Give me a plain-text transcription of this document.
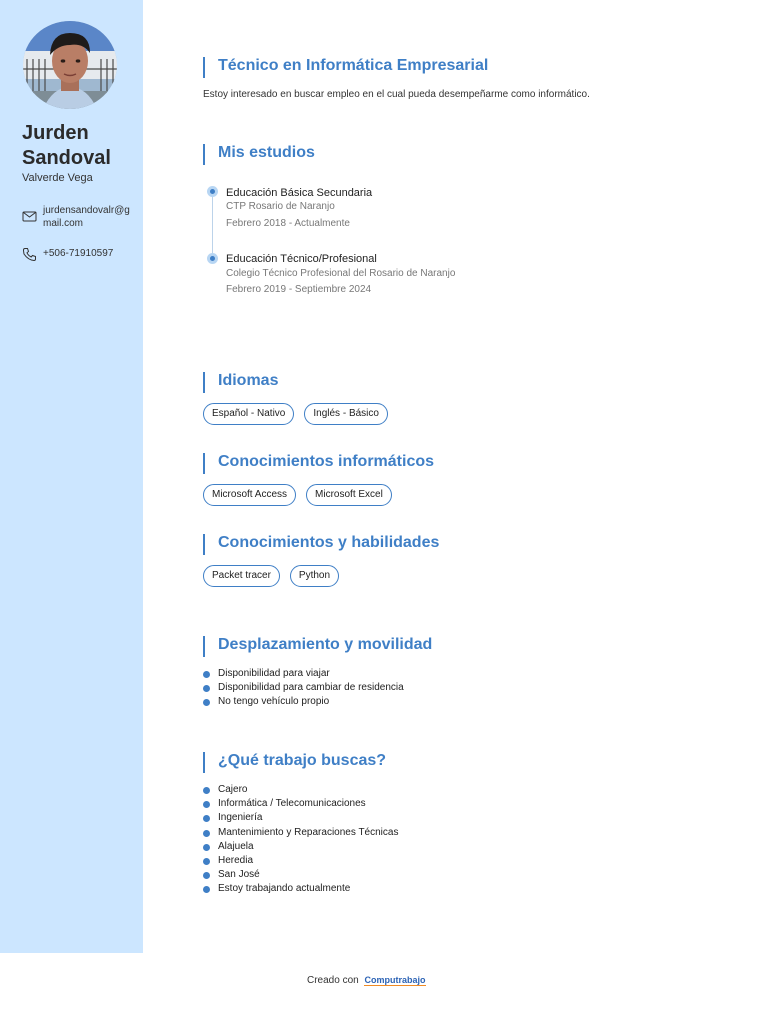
Jurden
Sandoval
Valverde Vega
jurdensandovalr@gmail.com
+506-71910597
Técnico en Informática Empresarial
Estoy interesado en buscar empleo en el cual pueda desempeñarme como informático.
Mis estudios
Educación Básica Secundaria
CTP Rosario de Naranjo
Febrero 2018 - Actualmente
Educación Técnico/Profesional
Colegio Técnico Profesional del Rosario de Naranjo
Febrero 2019 - Septiembre 2024
Idiomas
Español - Nativo	Inglés - Básico
Conocimientos informáticos
Microsoft Access	Microsoft Excel
Conocimientos y habilidades
Packet tracer	Python
Desplazamiento y movilidad
Disponibilidad para viajar
Disponibilidad para cambiar de residencia
No tengo vehículo propio
¿Qué trabajo buscas?
Cajero
Informática / Telecomunicaciones
Ingeniería
Mantenimiento y Reparaciones Técnicas
Alajuela
Heredia
San José
Estoy trabajando actualmente
Creado con Computrabajo
